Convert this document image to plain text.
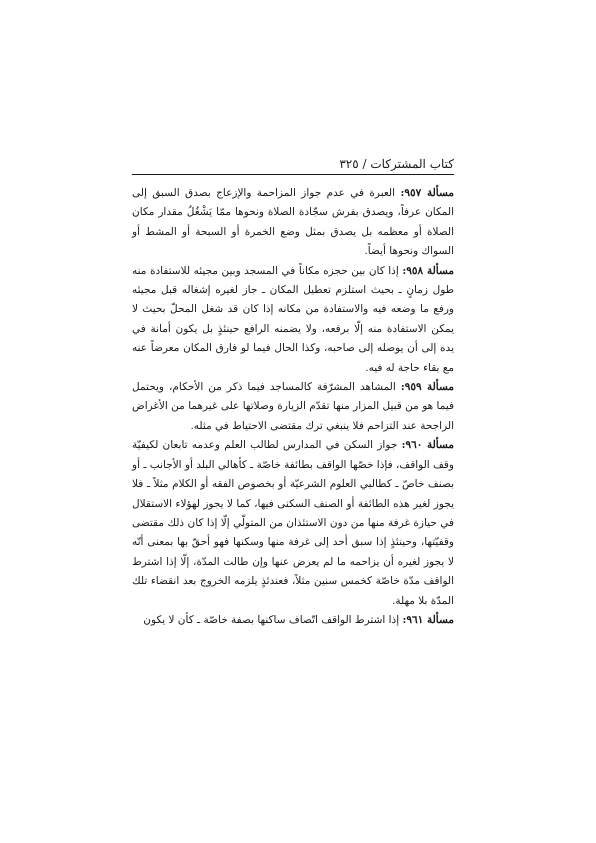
كتاب المشتركات / ٣٢٥

مسألة ٩٥٧: العبرة في عدم جواز المزاحمة والإزعاج بصدق السبق إلى المكان عرفاً، ويصدق بفرش سجّادة الصلاة ونحوها ممّا يَشْغُلُ مقدار مكان الصلاة أو معظمه بل يصدق بمثل وضع الخمرة أو السبحة أو المشط أو السواك ونحوها أيضاً.

مسألة ٩٥٨: إذا كان بين حجزه مكاناً في المسجد وبين مجيئه للاستفادة منه طول زمانٍ ـ بحيث استلزم تعطيل المكان ـ جاز لغيره إشغاله قبل مجيئه ورفع ما وضعه فيه والاستفادة من مكانه إذا كان قد شغل المحلّ بحيث لا يمكن الاستفادة منه إلّا برفعه، ولا يضمنه الرافع حينئذٍ بل يكون أمانة في يده إلى أن يوصله إلى صاحبه، وكذا الحال فيما لو فارق المكان معرضاً عنه مع بقاء حاجة له فيه.

مسألة ٩٥٩: المشاهد المشرّفة كالمساجد فيما ذكر من الأحكام، ويحتمل فيما هو من قبيل المزار منها تقدّم الزيارة وصلاتها على غيرهما من الأغراض الراجحة عند التزاحم فلا ينبغي ترك مقتضى الاحتياط في مثله.

مسألة ٩٦٠: جواز السكن في المدارس لطالب العلم وعدمه تابعان لكيفيّة وقف الواقف، فإذا خصّها الواقف بطائفة خاصّة ـ كأهالي البلد أو الأجانب ـ أو بصنف خاصّ ـ كطالبي العلوم الشرعيّة أو بخصوص الفقه أو الكلام مثلاً ـ فلا يجوز لغير هذه الطائفة أو الصنف السكنى فيها، كما لا يجوز لهؤلاء الاستقلال في حيازة غرفة منها من دون الاستئذان من المتولّي إلّا إذا كان ذلك مقتضى وقفيّتها، وحينئذٍ إذا سبق أحد إلى غرفة منها وسكنها فهو أحقّ بها بمعنى أنّه لا يجوز لغيره أن يزاحمه ما لم يعرض عنها وإن طالت المدّة، إلّا إذا اشترط الواقف مدّة خاصّة كخمس سنين مثلاً، فعندئذٍ يلزمه الخروج بعد انقضاء تلك المدّة بلا مهلة.

مسألة ٩٦١: إذا اشترط الواقف اتّصاف ساكنها بصفة خاصّة ـ كأن لا يكون
